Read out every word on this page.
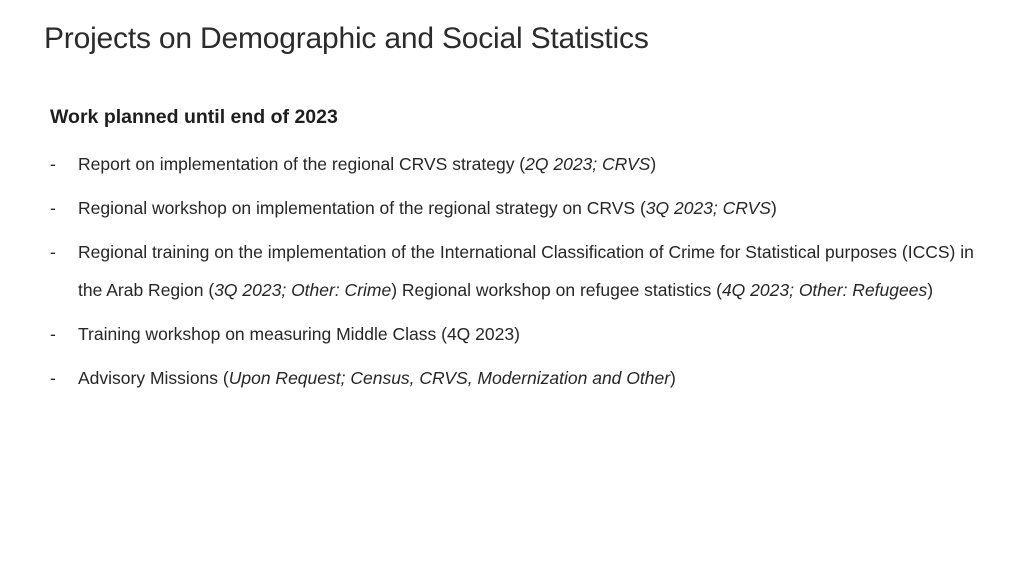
Projects on Demographic and Social Statistics
Work planned until end of 2023
-	Report on implementation of the regional CRVS strategy (2Q 2023; CRVS)
-	Regional workshop on implementation of the regional strategy on CRVS (3Q 2023; CRVS)
-	Regional training on the implementation of the International Classification of Crime for Statistical purposes (ICCS) in the Arab Region (3Q 2023; Other: Crime) Regional workshop on refugee statistics (4Q 2023; Other: Refugees)
-	Training workshop on measuring Middle Class (4Q 2023)
-	Advisory Missions (Upon Request; Census, CRVS, Modernization and Other)
